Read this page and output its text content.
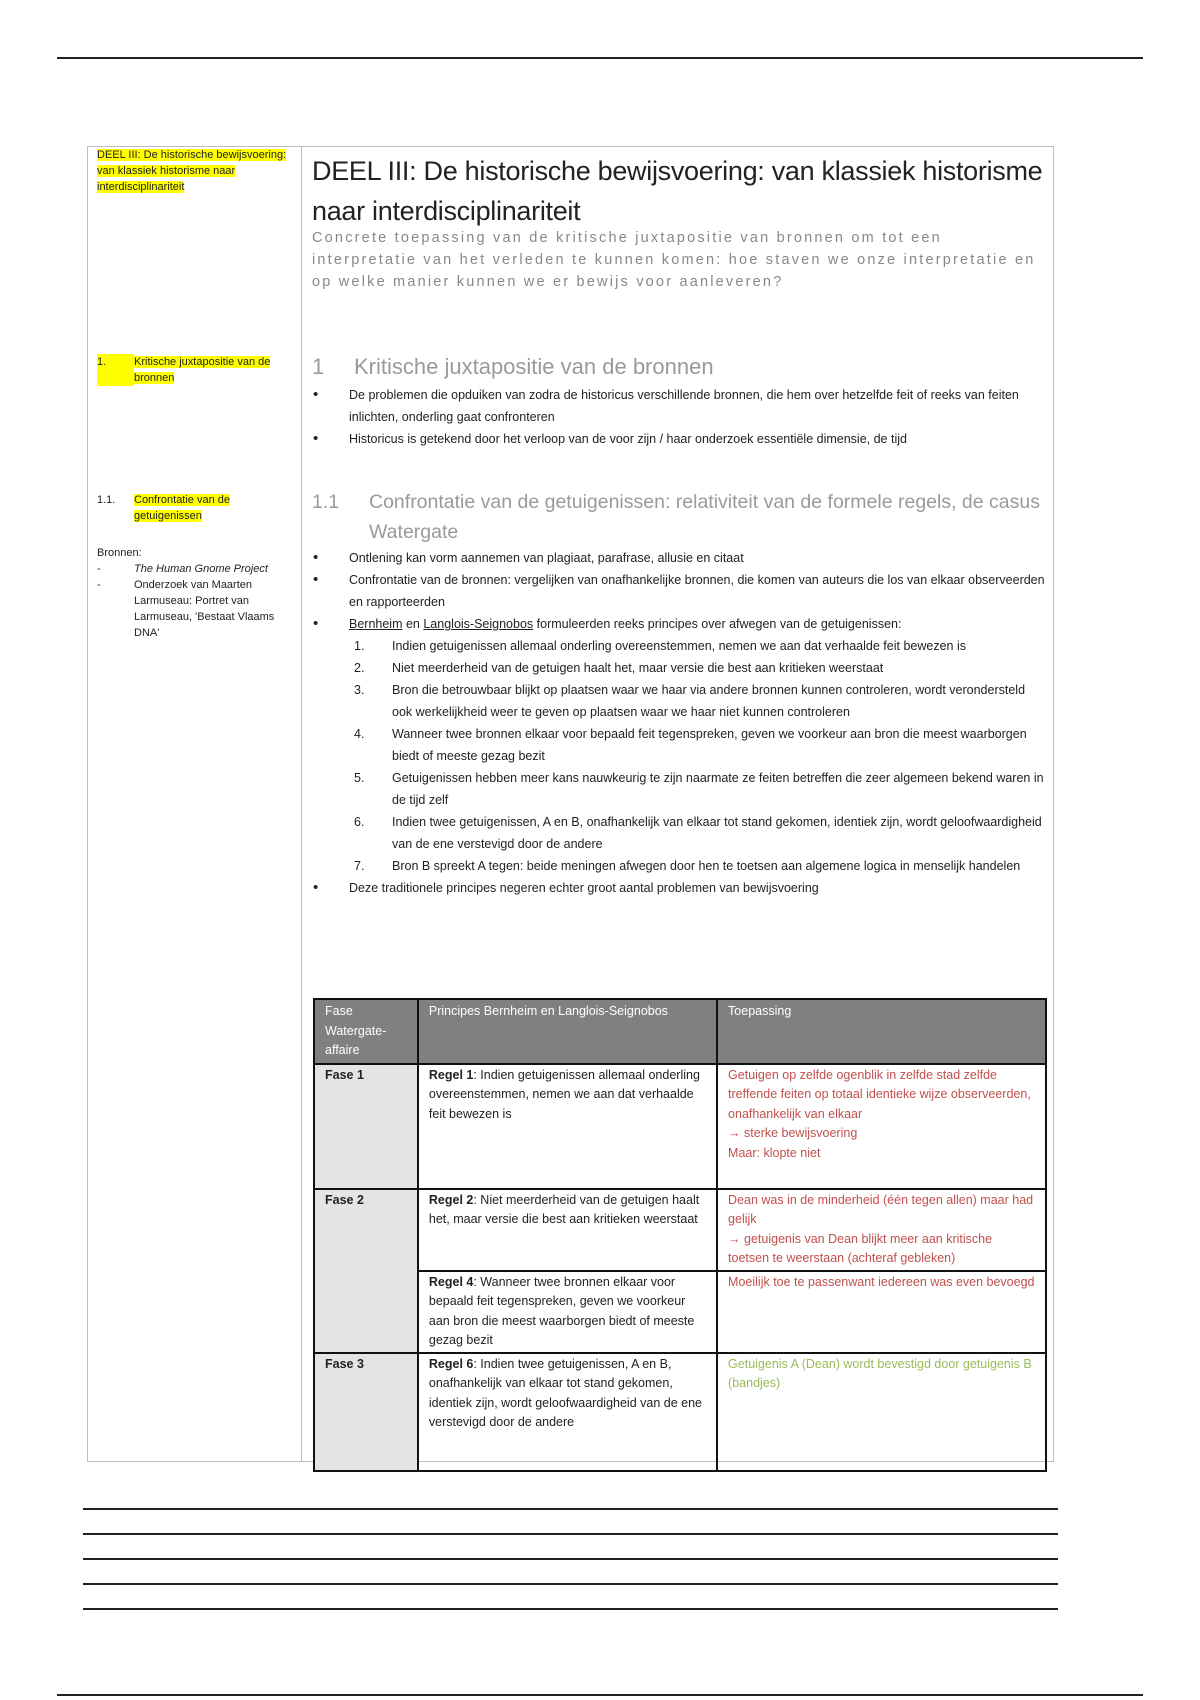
DEEL III: De historische bewijsvoering: van klassiek historisme naar interdisciplinariteit
1.	Kritische juxtapositie van de bronnen
1.1.	Confrontatie van de getuigenissen
Bronnen:
-	The Human Gnome Project
-	Onderzoek van Maarten Larmuseau: Portret van Larmuseau, 'Bestaat Vlaams DNA'
DEEL III: De historische bewijsvoering: van klassiek historisme naar interdisciplinariteit
Concrete toepassing van de kritische juxtapositie van bronnen om tot een interpretatie van het verleden te kunnen komen: hoe staven we onze interpretatie en op welke manier kunnen we er bewijs voor aanleveren?
1 Kritische juxtapositie van de bronnen
• De problemen die opduiken van zodra de historicus verschillende bronnen, die hem over hetzelfde feit of reeks van feiten inlichten, onderling gaat confronteren
• Historicus is getekend door het verloop van de voor zijn / haar onderzoek essentiële dimensie, de tijd
1.1	Confrontatie van de getuigenissen: relativiteit van de formele regels, de casus Watergate
• Ontlening kan vorm aannemen van plagiaat, parafrase, allusie en citaat
• Confrontatie van de bronnen: vergelijken van onafhankelijke bronnen, die komen van auteurs die los van elkaar observeerden en rapporteerden
• Bernheim en Langlois-Seignobos formuleerden reeks principes over afwegen van de getuigenissen:
1. Indien getuigenissen allemaal onderling overeenstemmen, nemen we aan dat verhaalde feit bewezen is
2. Niet meerderheid van de getuigen haalt het, maar versie die best aan kritieken weerstaat
3. Bron die betrouwbaar blijkt op plaatsen waar we haar via andere bronnen kunnen controleren, wordt verondersteld ook werkelijkheid weer te geven op plaatsen waar we haar niet kunnen controleren
4. Wanneer twee bronnen elkaar voor bepaald feit tegenspreken, geven we voorkeur aan bron die meest waarborgen biedt of meeste gezag bezit
5. Getuigenissen hebben meer kans nauwkeurig te zijn naarmate ze feiten betreffen die zeer algemeen bekend waren in de tijd zelf
6. Indien twee getuigenissen, A en B, onafhankelijk van elkaar tot stand gekomen, identiek zijn, wordt geloofwaardigheid van de ene verstevigd door de andere
7. Bron B spreekt A tegen: beide meningen afwegen door hen te toetsen aan algemene logica in menselijk handelen
• Deze traditionele principes negeren echter groot aantal problemen van bewijsvoering
Fase Watergate-affaire	Principes Bernheim en Langlois-Seignobos	Toepassing
Fase 1	Regel 1: Indien getuigenissen allemaal onderling overeenstemmen, nemen we aan dat verhaalde feit bewezen is	Getuigen op zelfde ogenblik in zelfde stad zelfde treffende feiten op totaal identieke wijze observeerden, onafhankelijk van elkaar
→ sterke bewijsvoering
Maar: klopte niet

Fase 2	Regel 2: Niet meerderheid van de getuigen haalt het, maar versie die best aan kritieken weerstaat	Dean was in de minderheid (één tegen allen) maar had gelijk
→ getuigenis van Dean blijkt meer aan kritische toetsen te weerstaan (achteraf gebleken)

	Regel 4: Wanneer twee bronnen elkaar voor bepaald feit tegenspreken, geven we voorkeur aan bron die meest waarborgen biedt of meeste gezag bezit	Moeilijk toe te passenwant iedereen was even bevoegd
Fase 3	Regel 6: Indien twee getuigenissen, A en B, onafhankelijk van elkaar tot stand gekomen, identiek zijn, wordt geloofwaardigheid van de ene verstevigd door de andere	Getuigenis A (Dean) wordt bevestigd door getuigenis B (bandjes)
